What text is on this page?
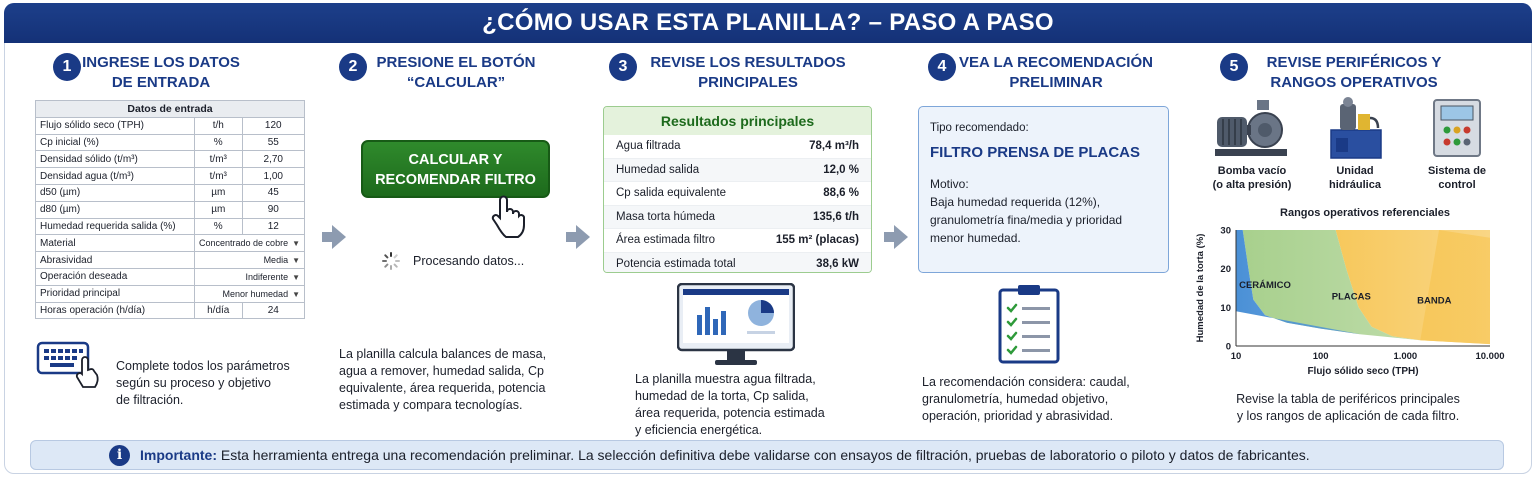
¿CÓMO USAR ESTA PLANILLA? – PASO A PASO
1 INGRESE LOS DATOS
DE ENTRADA
2	PRESIONE EL BOTÓN
“CALCULAR”
3	REVISE LOS RESULTADOS
PRINCIPALES
4 VEA LA RECOMENDACIÓN
PRELIMINAR
5	REVISE PERIFÉRICOS Y
RANGOS OPERATIVOS
Datos de entrada		
Flujo sólido seco (TPH)	t/h	120
Cp inicial (%)	%	55
Densidad sólido (t/m³)	t/m³	2,70
Densidad agua (t/m³)	t/m³	1,00
d50 (µm)	µm	45
d80 (µm)	µm	90
Humedad requerida salida (%)	%	12
Material	Concentrado de cobre ▼	
Abrasividad	Media ▼	
Operación deseada	Indiferente ▼	
Prioridad principal	Menor humedad ▼	
Horas operación (h/día)	h/día	24
Complete todos los parámetros
según su proceso y objetivo
de filtración.
CALCULAR Y
RECOMENDAR FILTRO
Procesando datos...
La planilla calcula balances de masa,
agua a remover, humedad salida, Cp
equivalente, área requerida, potencia
estimada y compara tecnologías.
Resultados principales
Agua filtrada	78,4 m³/h
Humedad salida	12,0 %
Cp salida equivalente	88,6 %
Masa torta húmeda	135,6 t/h
Área estimada filtro	155 m² (placas)
Potencia estimada total	38,6 kW
La planilla muestra agua filtrada,
humedad de la torta, Cp salida,
área requerida, potencia estimada
y eficiencia energética.
Tipo recomendado:
FILTRO PRENSA DE PLACAS
Motivo:
Baja humedad requerida (12%),
granulometría fina/media y prioridad
menor humedad.
La recomendación considera: caudal,
granulometría, humedad objetivo,
operación, prioridad y abrasividad.
Bomba vacío
(o alta presión)
Unidad
hidráulica
Sistema de
control
Rangos operativos referenciales
CERÁMICO
PLACAS	BANDA
10	100	1.000	10.000
0
10
20
30
Flujo sólido seco (TPH)
Humedad de la torta (%)
Revise la tabla de periféricos principales
y los rangos de aplicación de cada filtro.
i	Importante: Esta herramienta entrega una recomendación preliminar. La selección definitiva debe validarse con ensayos de filtración, pruebas de laboratorio o piloto y datos de fabricantes.
